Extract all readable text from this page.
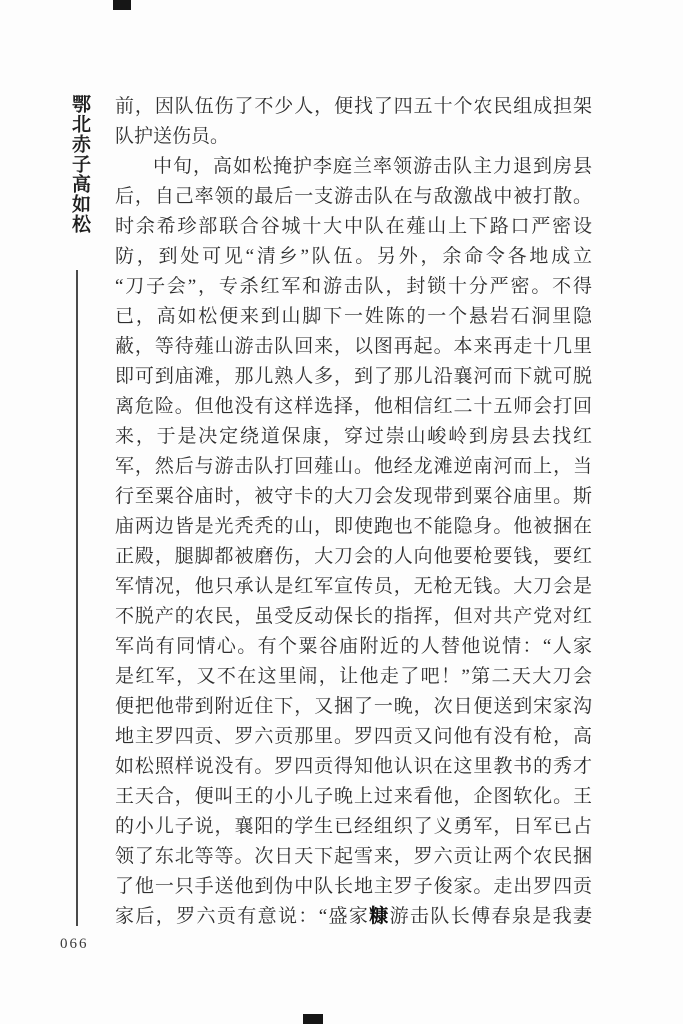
鄂北赤子高如松 前，因队伍伤了不少人，便找了四五十个农民组成担架
队护送伤员。
中旬，高如松掩护李庭兰率领游击队主力退到房县
后，自己率领的最后一支游击队在与敌激战中被打散。
时余希珍部联合谷城十大中队在薤山上下路口严密设
防，到处可见“清乡”队伍。另外，余命令各地成立
“刀子会”，专杀红军和游击队，封锁十分严密。不得
已，高如松便来到山脚下一姓陈的一个悬岩石洞里隐
蔽，等待薤山游击队回来，以图再起。本来再走十几里
即可到庙滩，那儿熟人多，到了那儿沿襄河而下就可脱
离危险。但他没有这样选择，他相信红二十五师会打回
来，于是决定绕道保康，穿过崇山峻岭到房县去找红
军，然后与游击队打回薤山。他经龙滩逆南河而上，当
行至粟谷庙时，被守卡的大刀会发现带到粟谷庙里。斯
庙两边皆是光秃秃的山，即使跑也不能隐身。他被捆在
正殿，腿脚都被磨伤，大刀会的人向他要枪要钱，要红
军情况，他只承认是红军宣传员，无枪无钱。大刀会是
不脱产的农民，虽受反动保长的指挥，但对共产党对红
军尚有同情心。有个粟谷庙附近的人替他说情：“人家
是红军，又不在这里闹，让他走了吧！”第二天大刀会
便把他带到附近住下，又捆了一晚，次日便送到宋家沟
地主罗四贡、罗六贡那里。罗四贡又问他有没有枪，高
如松照样说没有。罗四贡得知他认识在这里教书的秀才
王天合，便叫王的小儿子晚上过来看他，企图软化。王
的小儿子说，襄阳的学生已经组织了义勇军，日军已占
领了东北等等。次日天下起雪来，罗六贡让两个农民捆
了他一只手送他到伪中队长地主罗子俊家。走出罗四贡
家后，罗六贡有意说：“盛家糠游击队长傅春泉是我妻
066
